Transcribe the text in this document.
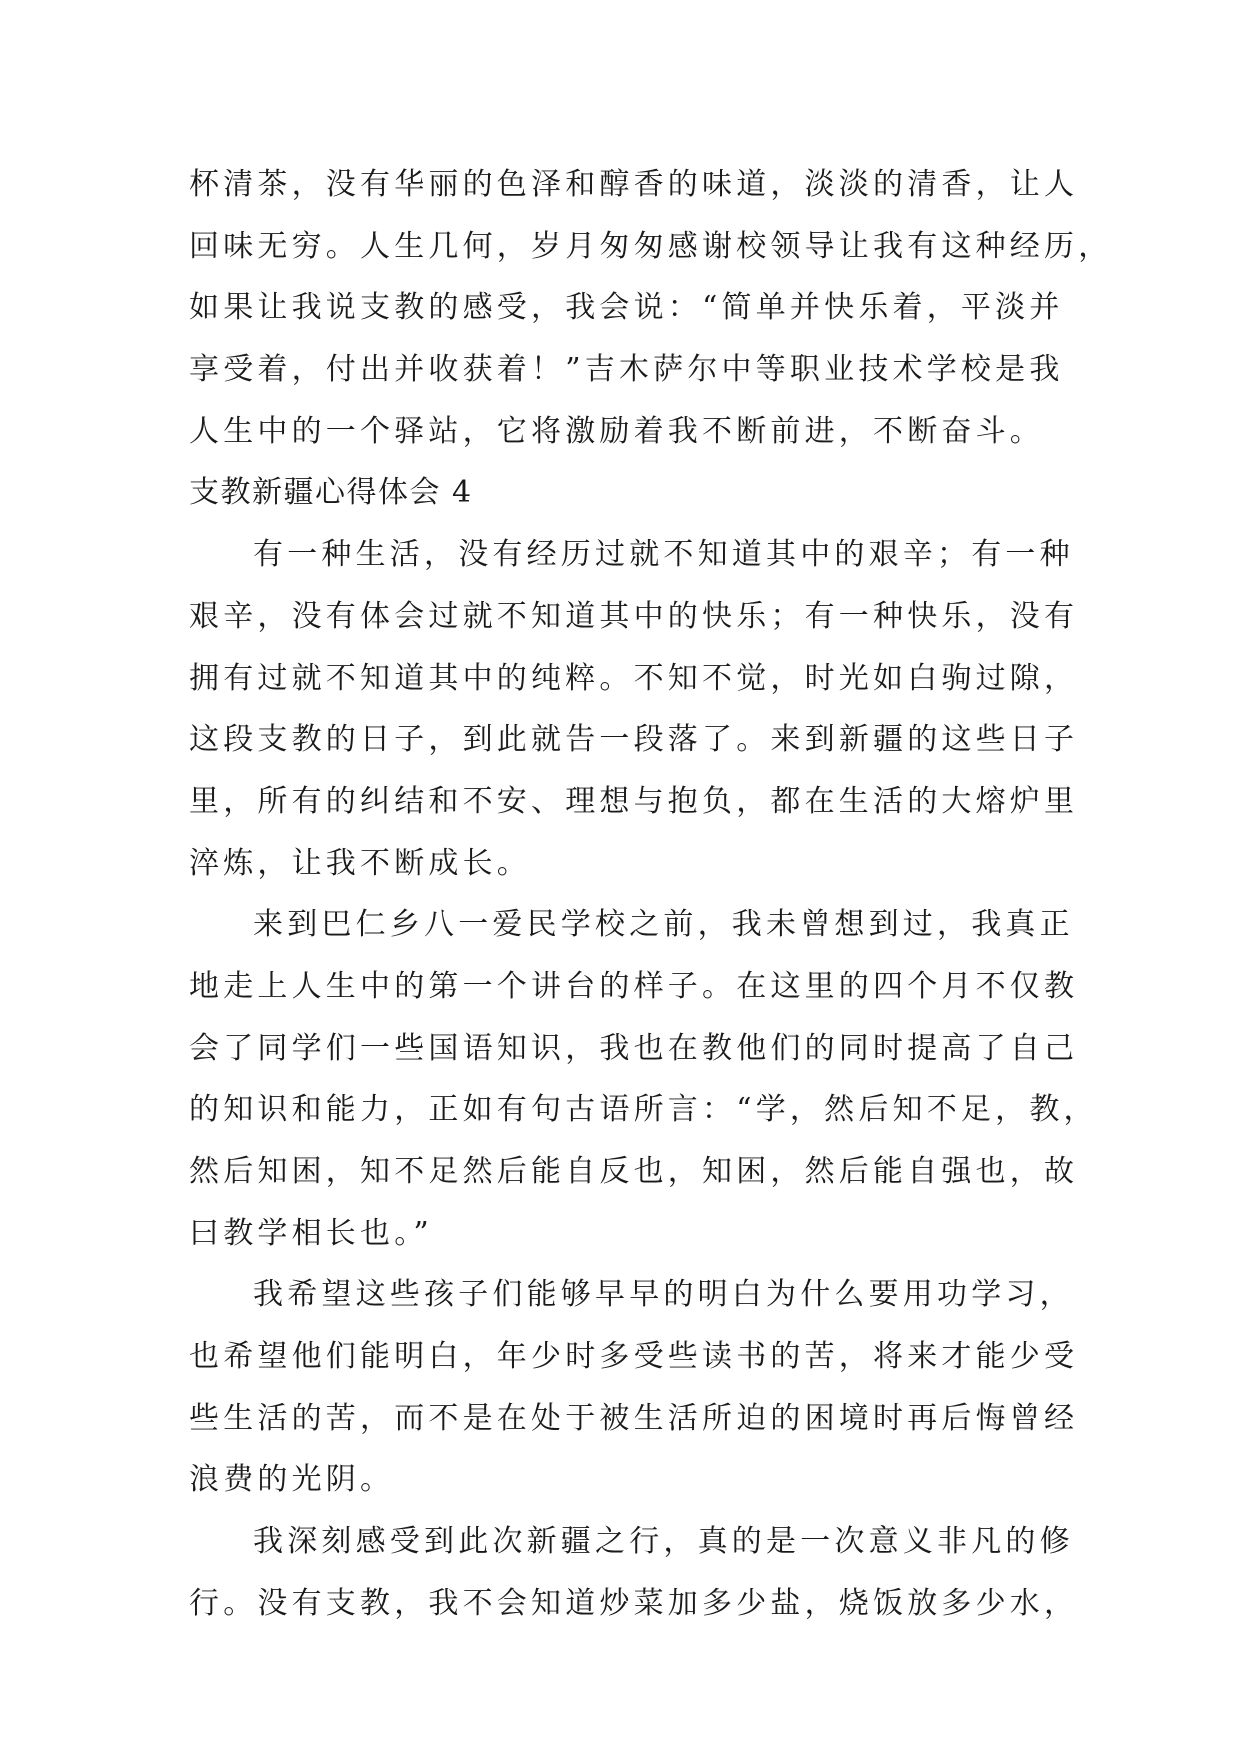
杯清茶，没有华丽的色泽和醇香的味道，淡淡的清香，让人
回味无穷。人生几何，岁月匆匆感谢校领导让我有这种经历，
如果让我说支教的感受，我会说：“简单并快乐着，平淡并
享受着，付出并收获着！”吉木萨尔中等职业技术学校是我
人生中的一个驿站，它将激励着我不断前进，不断奋斗。
支教新疆心得体会 4
有一种生活，没有经历过就不知道其中的艰辛；有一种
艰辛，没有体会过就不知道其中的快乐；有一种快乐，没有
拥有过就不知道其中的纯粹。不知不觉，时光如白驹过隙，
这段支教的日子，到此就告一段落了。来到新疆的这些日子
里，所有的纠结和不安、理想与抱负，都在生活的大熔炉里
淬炼，让我不断成长。
来到巴仁乡八一爱民学校之前，我未曾想到过，我真正
地走上人生中的第一个讲台的样子。在这里的四个月不仅教
会了同学们一些国语知识，我也在教他们的同时提高了自己
的知识和能力，正如有句古语所言：“学，然后知不足，教，
然后知困，知不足然后能自反也，知困，然后能自强也，故
曰教学相长也。”
我希望这些孩子们能够早早的明白为什么要用功学习，
也希望他们能明白，年少时多受些读书的苦，将来才能少受
些生活的苦，而不是在处于被生活所迫的困境时再后悔曾经
浪费的光阴。
我深刻感受到此次新疆之行，真的是一次意义非凡的修
行。没有支教，我不会知道炒菜加多少盐，烧饭放多少水，
